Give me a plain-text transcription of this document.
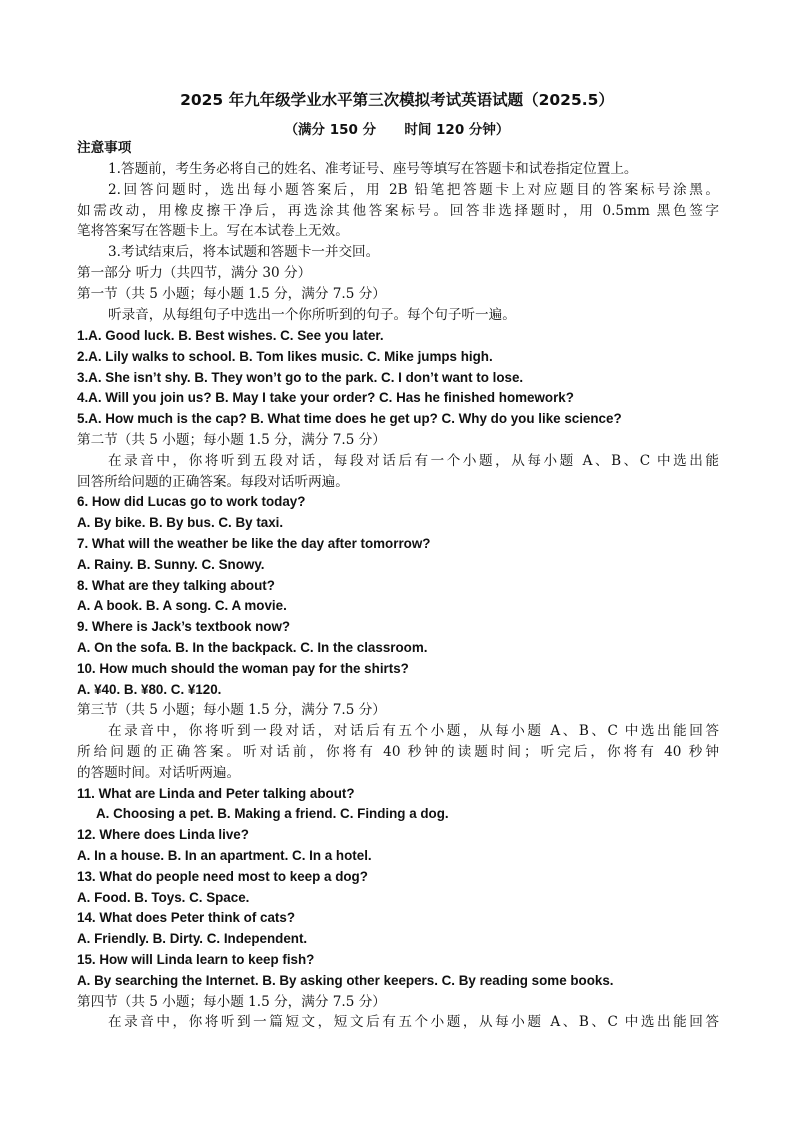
2025 年九年级学业水平第三次模拟考试英语试题（2025.5）
（满分 150 分      时间 120 分钟）
注意事项
1.答题前，考生务必将自己的姓名、准考证号、座号等填写在答题卡和试卷指定位置上。
2.回答问题时，选出每小题答案后，用 2B 铅笔把答题卡上对应题目的答案标号涂黑。
如需改动，用橡皮擦干净后，再选涂其他答案标号。回答非选择题时，用 0.5mm 黑色签字
笔将答案写在答题卡上。写在本试卷上无效。
3.考试结束后，将本试题和答题卡一并交回。
第一部分 听力（共四节，满分 30 分）
第一节（共 5 小题；每小题 1.5 分，满分 7.5 分）
听录音，从每组句子中选出一个你所听到的句子。每个句子听一遍。
1.A. Good luck. B. Best wishes. C. See you later.
2.A. Lily walks to school. B. Tom likes music. C. Mike jumps high.
3.A. She isn’t shy. B. They won’t go to the park. C. I don’t want to lose.
4.A. Will you join us? B. May I take your order? C. Has he finished homework?
5.A. How much is the cap? B. What time does he get up? C. Why do you like science?
第二节（共 5 小题；每小题 1.5 分，满分 7.5 分）
在录音中，你将听到五段对话，每段对话后有一个小题，从每小题 A、B、C 中选出能
回答所给问题的正确答案。每段对话听两遍。
6. How did Lucas go to work today?
A. By bike. B. By bus. C. By taxi.
7. What will the weather be like the day after tomorrow?
A. Rainy. B. Sunny. C. Snowy.
8. What are they talking about?
A. A book. B. A song. C. A movie.
9. Where is Jack’s textbook now?
A. On the sofa. B. In the backpack. C. In the classroom.
10. How much should the woman pay for the shirts?
A. ¥40. B. ¥80. C. ¥120.
第三节（共 5 小题；每小题 1.5 分，满分 7.5 分）
在录音中，你将听到一段对话，对话后有五个小题，从每小题 A、B、C 中选出能回答
所给问题的正确答案。听对话前，你将有 40 秒钟的读题时间；听完后，你将有 40 秒钟
的答题时间。对话听两遍。
11. What are Linda and Peter talking about?
A. Choosing a pet. B. Making a friend. C. Finding a dog.
12. Where does Linda live?
A. In a house. B. In an apartment. C. In a hotel.
13. What do people need most to keep a dog?
A. Food. B. Toys. C. Space.
14. What does Peter think of cats?
A. Friendly. B. Dirty. C. Independent.
15. How will Linda learn to keep fish?
A. By searching the Internet. B. By asking other keepers. C. By reading some books.
第四节（共 5 小题；每小题 1.5 分，满分 7.5 分）
在录音中，你将听到一篇短文，短文后有五个小题，从每小题 A、B、C 中选出能回答
